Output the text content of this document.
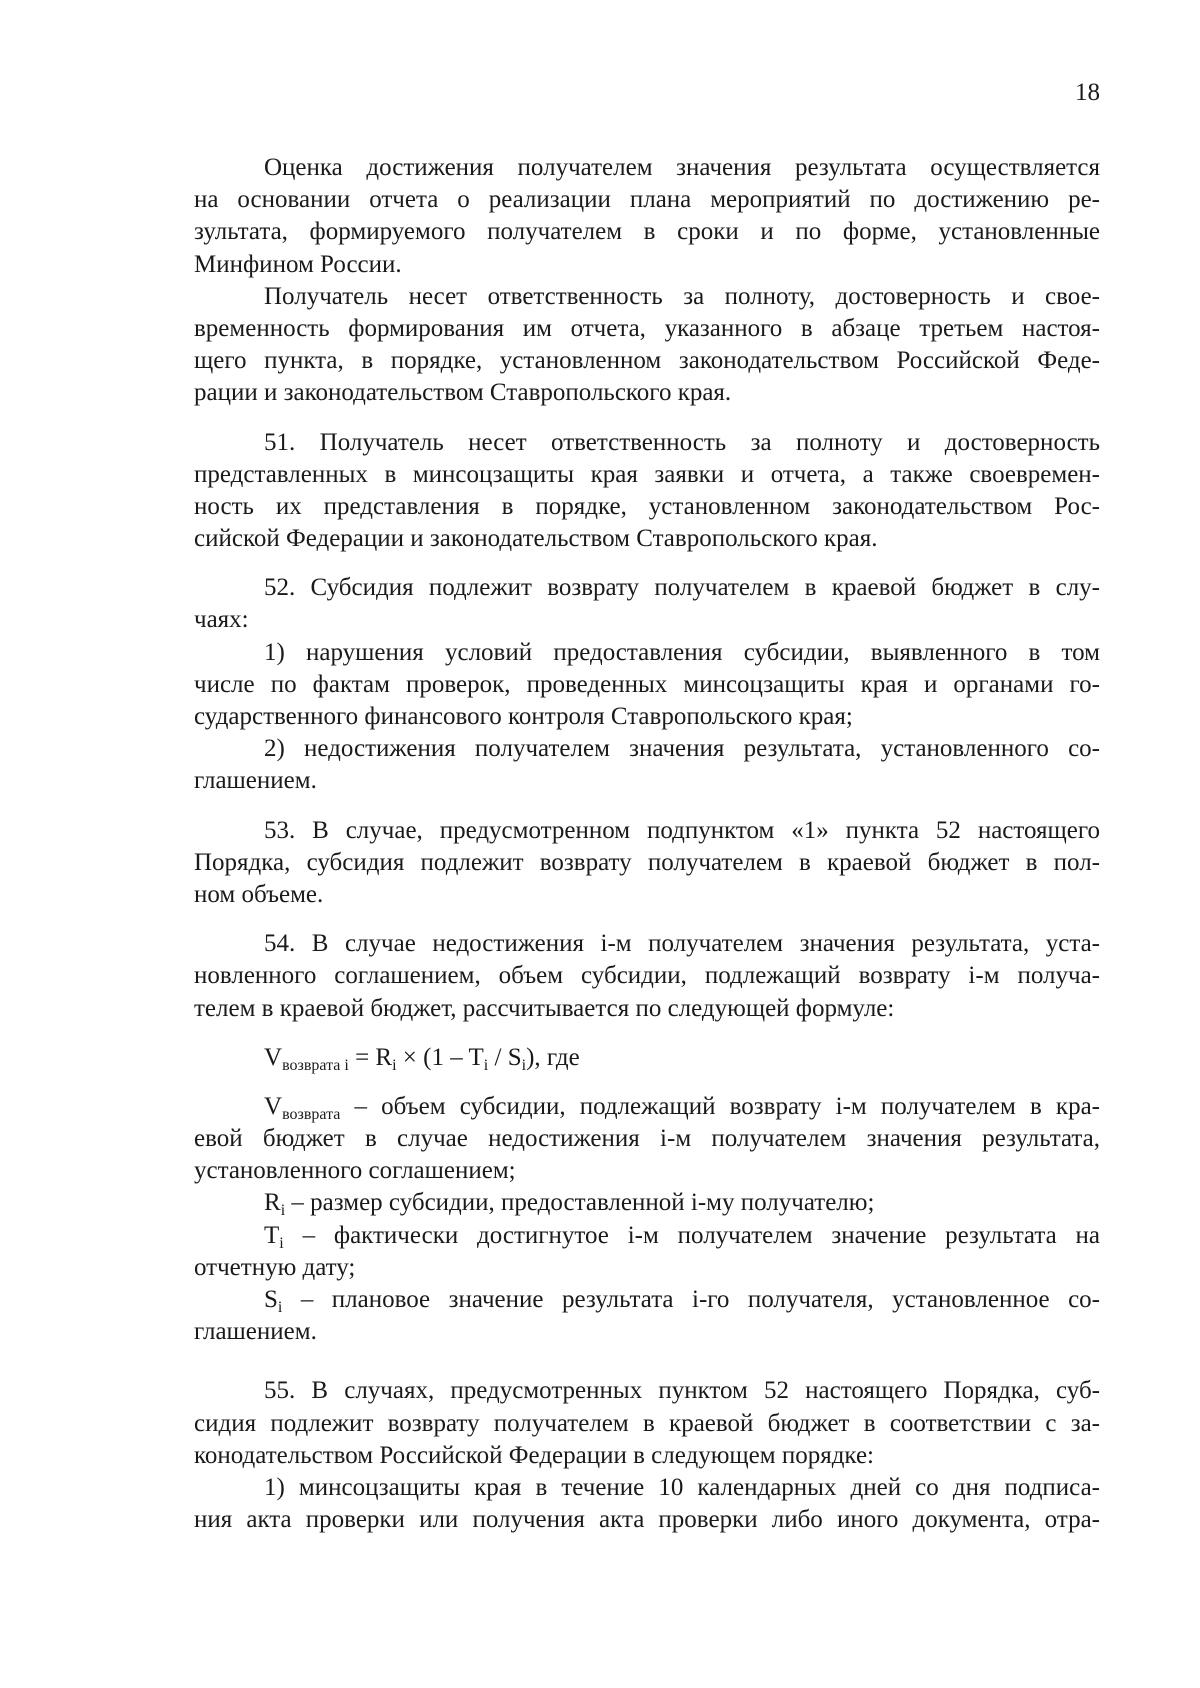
18
Оценка достижения получателем значения результата осуществляется
на основании отчета о реализации плана мероприятий по достижению ре-
зультата, формируемого получателем в сроки и по форме, установленные
Минфином России.
Получатель несет ответственность за полноту, достоверность и свое-
временность формирования им отчета, указанного в абзаце третьем настоя-
щего пункта, в порядке, установленном законодательством Российской Феде-
рации и законодательством Ставропольского края.
51. Получатель несет ответственность за полноту и достоверность
представленных в минсоцзащиты края заявки и отчета, а также своевремен-
ность их представления в порядке, установленном законодательством Рос-
сийской Федерации и законодательством Ставропольского края.
52. Субсидия подлежит возврату получателем в краевой бюджет в слу-
чаях:
1) нарушения условий предоставления субсидии, выявленного в том
числе по фактам проверок, проведенных минсоцзащиты края и органами го-
сударственного финансового контроля Ставропольского края;
2) недостижения получателем значения результата, установленного со-
глашением.
53. В случае, предусмотренном подпунктом «1» пункта 52 настоящего
Порядка, субсидия подлежит возврату получателем в краевой бюджет в пол-
ном объеме.
54. В случае недостижения i-м получателем значения результата, уста-
новленного соглашением, объем субсидии, подлежащий возврату i-м получа-
телем в краевой бюджет, рассчитывается по следующей формуле:
$V_{возврата i} = R_i \times (1 - T_i / S_i)$, где
$V_{возврата}$ – объем субсидии, подлежащий возврату i-м получателем в кра-
евой бюджет в случае недостижения i-м получателем значения результата,
установленного соглашением;
$R_i$ – размер субсидии, предоставленной i-му получателю;
$T_i$ – фактически достигнутое i-м получателем значение результата на
отчетную дату;
$S_i$ – плановое значение результата i-го получателя, установленное со-
глашением.
55. В случаях, предусмотренных пунктом 52 настоящего Порядка, суб-
сидия подлежит возврату получателем в краевой бюджет в соответствии с за-
конодательством Российской Федерации в следующем порядке:
1) минсоцзащиты края в течение 10 календарных дней со дня подписа-
ния акта проверки или получения акта проверки либо иного документа, отра-
